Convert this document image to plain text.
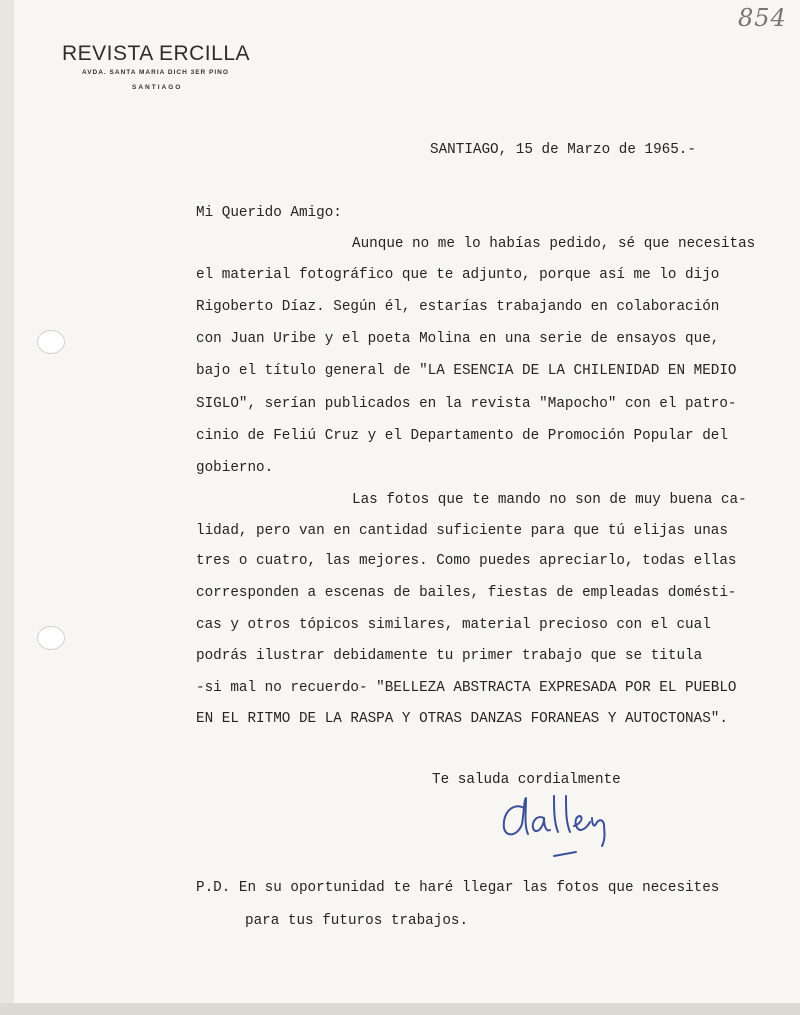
854
REVISTA ERCILLA
AVDA. SANTA MARIA DICH 3ER PINO
SANTIAGO
SANTIAGO, 15 de Marzo de 1965.-
Mi Querido Amigo:
Aunque no me lo habías pedido, sé que necesitas
el material fotográfico que te adjunto, porque así me lo dijo
Rigoberto Díaz. Según él, estarías trabajando en colaboración
con Juan Uribe y el poeta Molina en una serie de ensayos que,
bajo el título general de "LA ESENCIA DE LA CHILENIDAD EN MEDIO
SIGLO", serían publicados en la revista "Mapocho" con el patro-
cinio de Feliú Cruz y el Departamento de Promoción Popular del
gobierno.
Las fotos que te mando no son de muy buena ca-
lidad, pero van en cantidad suficiente para que tú elijas unas
tres o cuatro, las mejores. Como puedes apreciarlo, todas ellas
corresponden a escenas de bailes, fiestas de empleadas domésti-
cas y otros tópicos similares, material precioso con el cual
podrás ilustrar debidamente tu primer trabajo que se titula
-si mal no recuerdo- "BELLEZA ABSTRACTA EXPRESADA POR EL PUEBLO
EN EL RITMO DE LA RASPA Y OTRAS DANZAS FORANEAS Y AUTOCTONAS".
Te saluda cordialmente
P.D. En su oportunidad te haré llegar las fotos que necesites
para tus futuros trabajos.
